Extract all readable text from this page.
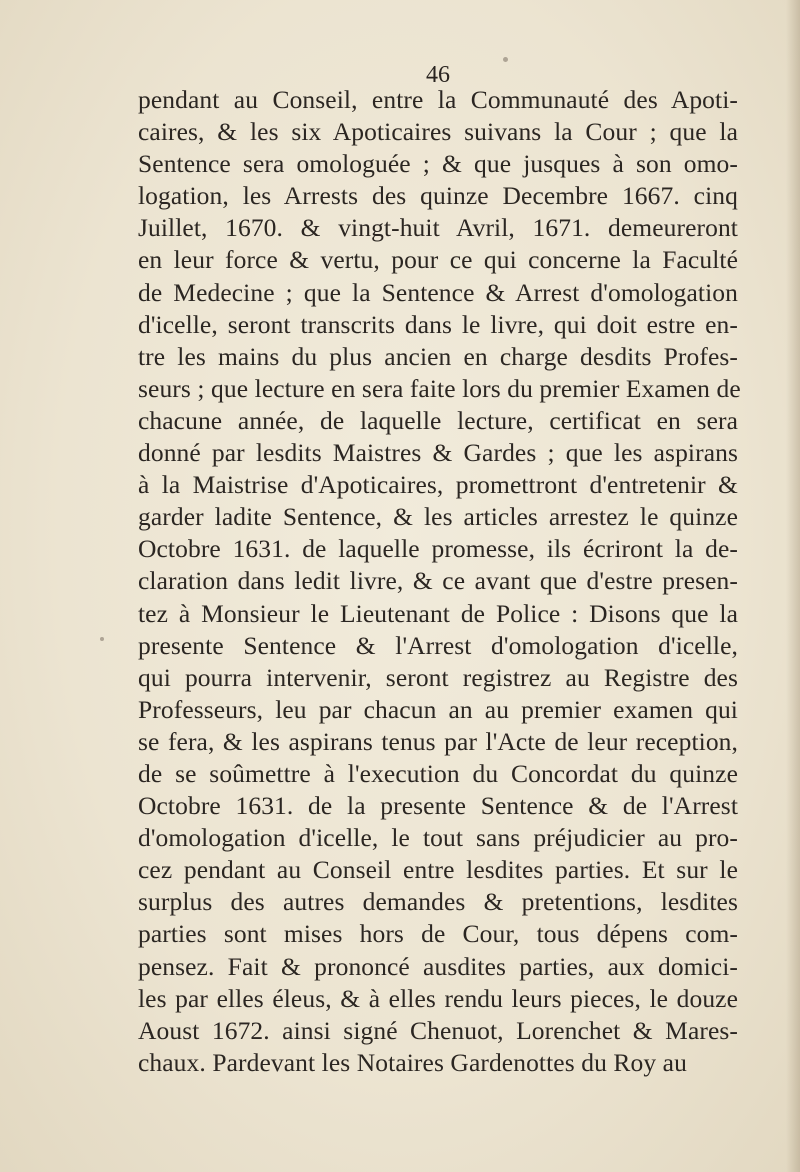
46

pendant au Conseil, entre la Communauté des Apoti-
caires, & les six Apoticaires suivans la Cour ; que la
Sentence sera omologuée ; & que jusques à son omo-
logation, les Arrests des quinze Decembre 1667. cinq
Juillet, 1670. & vingt-huit Avril, 1671. demeureront
en leur force & vertu, pour ce qui concerne la Faculté
de Medecine ; que la Sentence & Arrest d'omologation
d'icelle, seront transcrits dans le livre, qui doit estre en-
tre les mains du plus ancien en charge desdits Profes-
seurs ; que lecture en sera faite lors du premier Examen de
chacune année, de laquelle lecture, certificat en sera
donné par lesdits Maistres & Gardes ; que les aspirans
à la Maistrise d'Apoticaires, promettront d'entretenir &
garder ladite Sentence, & les articles arrestez le quinze
Octobre 1631. de laquelle promesse, ils écriront la de-
claration dans ledit livre, & ce avant que d'estre presen-
tez à Monsieur le Lieutenant de Police : Disons que la
presente Sentence & l'Arrest d'omologation d'icelle,
qui pourra intervenir, seront registrez au Registre des
Professeurs, leu par chacun an au premier examen qui
se fera, & les aspirans tenus par l'Acte de leur reception,
de se soûmettre à l'execution du Concordat du quinze
Octobre 1631. de la presente Sentence & de l'Arrest
d'omologation d'icelle, le tout sans préjudicier au pro-
cez pendant au Conseil entre lesdites parties. Et sur le
surplus des autres demandes & pretentions, lesdites
parties sont mises hors de Cour, tous dépens com-
pensez. Fait & prononcé ausdites parties, aux domici-
les par elles éleus, & à elles rendu leurs pieces, le douze
Aoust 1672. ainsi signé Chenuot, Lorenchet & Mares-
chaux. Pardevant les Notaires Gardenottes du Roy au
